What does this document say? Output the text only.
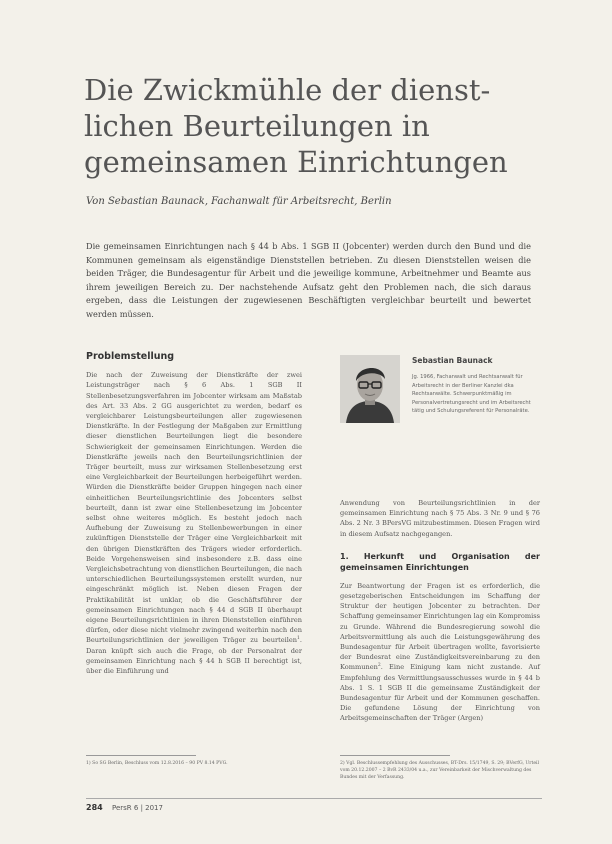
Die Zwickmühle der dienst-
lichen Beurteilungen in
gemeinsamen Einrichtungen
Von Sebastian Baunack, Fachanwalt für Arbeitsrecht, Berlin
Die gemeinsamen Einrichtungen nach § 44 b Abs. 1 SGB II (Jobcenter) werden durch den Bund und die Kommunen gemeinsam als eigenständige Dienststellen betrieben. Zu diesen Dienststellen weisen die beiden Träger, die Bundesagentur für Arbeit und die jeweilige kommune, Arbeitnehmer und Beamte aus ihrem jeweiligen Bereich zu. Der nachstehende Aufsatz geht den Problemen nach, die sich daraus ergeben, dass die Leistungen der zugewiesenen Beschäftigten vergleichbar beurteilt und bewertet werden müssen.
Problemstellung

Die nach der Zuweisung der Dienstkräfte der zwei Leistungsträger nach § 6 Abs. 1 SGB II Stellenbesetzungsverfahren im Jobcenter wirksam am Maßstab des Art. 33 Abs. 2 GG ausgerichtet zu werden, bedarf es vergleichbarer Leistungsbeurteilungen aller zugewiesenen Dienstkräfte. In der Festlegung der Maßgaben zur Ermittlung dieser dienstlichen Beurteilungen liegt die besondere Schwierigkeit der gemeinsamen Einrichtungen. Werden die Dienstkräfte jeweils nach den Beurteilungsrichtlinien der Träger beurteilt, muss zur wirksamen Stellenbesetzung erst eine Vergleichbarkeit der Beurteilungen herbeigeführt werden. Würden die Dienstkräfte beider Gruppen hingegen nach einer einheitlichen Beurteilungsrichtlinie des Jobcenters selbst beurteilt, dann ist zwar eine Stellenbesetzung im Jobcenter selbst ohne weiteres möglich. Es besteht jedoch nach Aufhebung der Zuweisung zu Stellenbewerbungen in einer zukünftigen Dienststelle der Träger eine Vergleichbarkeit mit den übrigen Dienstkräften des Trägers wieder erforderlich. Beide Vorgehensweisen sind insbesondere z.B. dass eine Vergleichsbetrachtung von dienstlichen Beurteilungen, die nach unterschiedlichen Beurteilungssystemen erstellt wurden, nur eingeschränkt möglich ist. Neben diesen Fragen der Praktikabilität ist unklar, ob die Geschäftsführer der gemeinsamen Einrichtungen nach § 44 d SGB II überhaupt eigene Beurteilungsrichtlinien in ihren Dienststellen einführen dürfen, oder diese nicht vielmehr zwingend weiterhin nach den Beurteilungsrichtlinien der jeweiligen Träger zu beurteilen$^1$. Daran knüpft sich auch die Frage, ob der Personalrat der gemeinsamen Einrichtung nach § 44 h SGB II berechtigt ist, über die Einführung und

Sebastian Baunack

Jg. 1966, Fachanwalt und Rechtsanwalt für Arbeitsrecht in der Berliner Kanzlei dka Rechtsanwälte. Schwerpunktmäßig im Personalvertretungsrecht und im Arbeitsrecht tätig und Schulungsreferent für Personalräte.

Anwendung von Beurteilungsrichtlinien in der gemeinsamen Einrichtung nach § 75 Abs. 3 Nr. 9 und § 76 Abs. 2 Nr. 3 BPersVG mitzubestimmen. Diesen Fragen wird in diesem Aufsatz nachgegangen.

1. Herkunft und Organisation der gemeinsamen Einrichtungen

Zur Beantwortung der Fragen ist es erforderlich, die gesetzgeberischen Entscheidungen im Schaffung der Struktur der heutigen Jobcenter zu betrachten. Der Schaffung gemeinsamer Einrichtungen lag ein Kompromiss zu Grunde. Während die Bundesregierung sowohl die Arbeitsvermittlung als auch die Leistungsgewährung des Bundesagentur für Arbeit übertragen wollte, favorisierte der Bundesrat eine Zuständigkeitsvereinbarung zu den Kommunen$^2$. Eine Einigung kam nicht zustande. Auf Empfehlung des Vermittlungsausschusses wurde in § 44 b Abs. 1 S. 1 SGB II die gemeinsame Zuständigkeit der Bundesagentur für Arbeit und der Kommunen geschaffen. Die gefundene Lösung der Einrichtung von Arbeitsgemeinschaften der Träger (Argen)

1) So SG Berlin, Beschluss vom 12.8.2016 – 90 PV 8.14 PVG.	2) Vgl. Beschlussempfehlung des Ausschusses, BT-Drs. 15/1749, S. 29; BVerfG, Urteil vom 20.12.2007 – 2 BvR 2433/04 u.a., zur Vereinbarkeit der Mischverwaltung des Bundes mit der Verfassung.
284 PersR 6 | 2017
